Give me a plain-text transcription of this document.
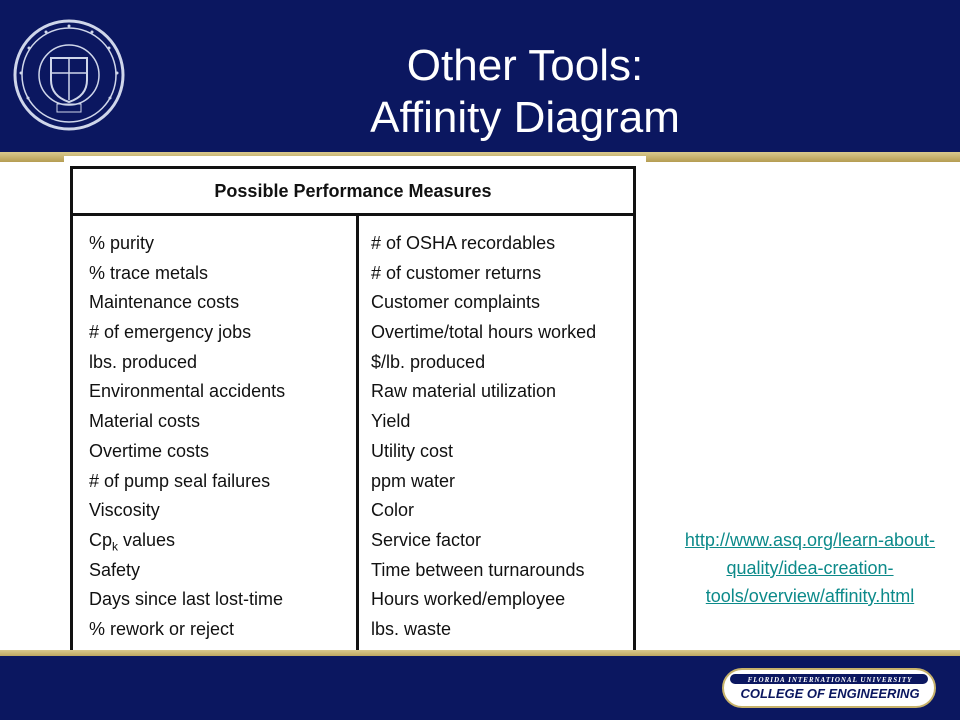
Other Tools:
Affinity Diagram
Possible Performance Measures
% purity
% trace metals
Maintenance costs
# of emergency jobs
lbs. produced
Environmental accidents
Material costs
Overtime costs
# of pump seal failures
Viscosity
$Cp_k$ values
Safety
Days since last lost-time
% rework or reject
# of OSHA recordables
# of customer returns
Customer complaints
Overtime/total hours worked
$/lb. produced
Raw material utilization
Yield
Utility cost
ppm water
Color
Service factor
Time between turnarounds
Hours worked/employee
lbs. waste
FLORIDA INTERNATIONAL UNIVERSITY
COLLEGE OF ENGINEERING
http://www.asq.org/learn-about-quality/idea-creation-tools/overview/affinity.html
